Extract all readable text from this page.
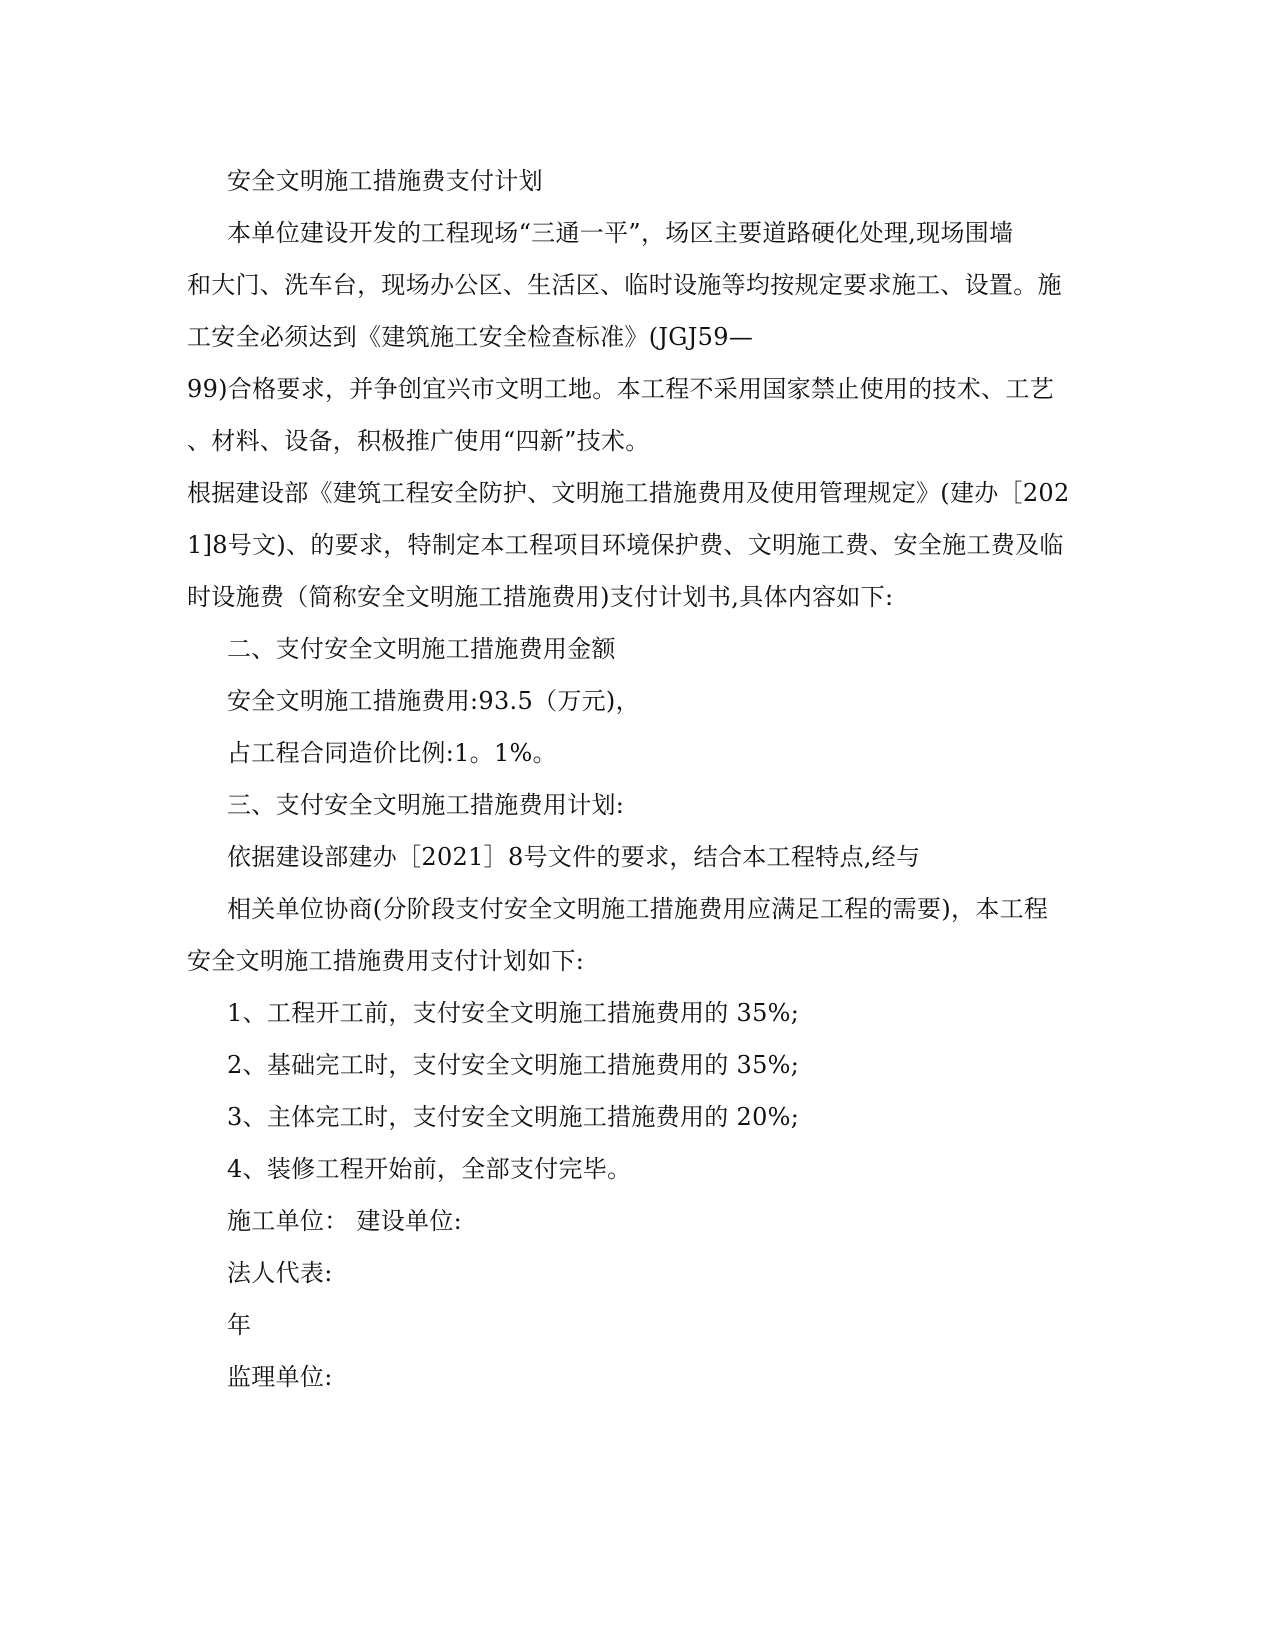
安全文明施工措施费支付计划
本单位建设开发的工程现场“三通一平”，场区主要道路硬化处理,现场围墙
和大门、洗车台，现场办公区、生活区、临时设施等均按规定要求施工、设置。施
工安全必须达到《建筑施工安全检查标准》(JGJ59—
99)合格要求，并争创宜兴市文明工地。本工程不采用国家禁止使用的技术、工艺
、材料、设备，积极推广使用“四新”技术。
根据建设部《建筑工程安全防护、文明施工措施费用及使用管理规定》(建办［202
1]8号文)、的要求，特制定本工程项目环境保护费、文明施工费、安全施工费及临
时设施费（简称安全文明施工措施费用)支付计划书,具体内容如下:
二、支付安全文明施工措施费用金额
安全文明施工措施费用:93.5（万元)，
占工程合同造价比例:1。1%。
三、支付安全文明施工措施费用计划:
依据建设部建办［2021］8号文件的要求，结合本工程特点,经与
相关单位协商(分阶段支付安全文明施工措施费用应满足工程的需要)，本工程
安全文明施工措施费用支付计划如下:
1、工程开工前，支付安全文明施工措施费用的 35%;
2、基础完工时，支付安全文明施工措施费用的 35%;
3、主体完工时，支付安全文明施工措施费用的 20%;
4、装修工程开始前，全部支付完毕。
施工单位： 建设单位:
法人代表:
年
监理单位:
